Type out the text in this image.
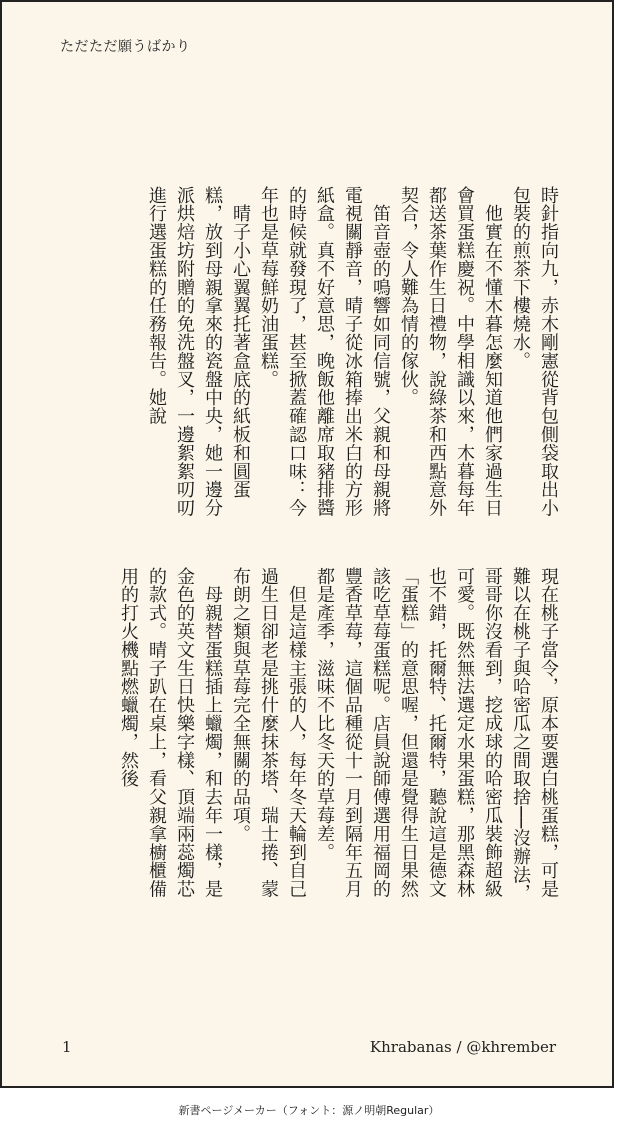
ただただ願うばかり

時針指向九，赤木剛憲從背包側袋取出小包裝的煎茶下樓燒水。

　他實在不懂木暮怎麼知道他們家過生日會買蛋糕慶祝。中學相識以來，木暮每年都送茶葉作生日禮物，說綠茶和西點意外契合，令人難為情的傢伙。

　笛音壺的鳴響如同信號，父親和母親將電視關靜音，晴子從冰箱捧出米白的方形紙盒。真不好意思，晚飯他離席取豬排醬的時候就發現了，甚至掀蓋確認口味：今年也是草莓鮮奶油蛋糕。

　晴子小心翼翼托著盒底的紙板和圓蛋糕，放到母親拿來的瓷盤中央，她一邊分派烘焙坊附贈的免洗盤叉，一邊絮絮叨叨進行選蛋糕的任務報告。她說

現在桃子當令，原本要選白桃蛋糕，可是難以在桃子與哈密瓜之間取捨──沒辦法，哥哥你沒看到，挖成球的哈密瓜裝飾超級可愛。既然無法選定水果蛋糕，那黑森林也不錯，托爾特、托爾特，聽說這是德文「蛋糕」的意思喔，但還是覺得生日果然該吃草莓蛋糕呢。店員說師傅選用福岡的豐香草莓，這個品種從十一月到隔年五月都是產季，滋味不比冬天的草莓差。

　但是這樣主張的人，每年冬天輪到自己過生日卻老是挑什麼抹茶塔、瑞士捲、蒙布朗之類與草莓完全無關的品項。

　母親替蛋糕插上蠟燭，和去年一樣，是金色的英文生日快樂字樣、頂端兩蕊燭芯的款式。晴子趴在桌上，看父親拿櫥櫃備用的打火機點燃蠟燭，然後

1	Khrabanas / @khrember
新書ページメーカー（フォント：源ノ明朝Regular）
